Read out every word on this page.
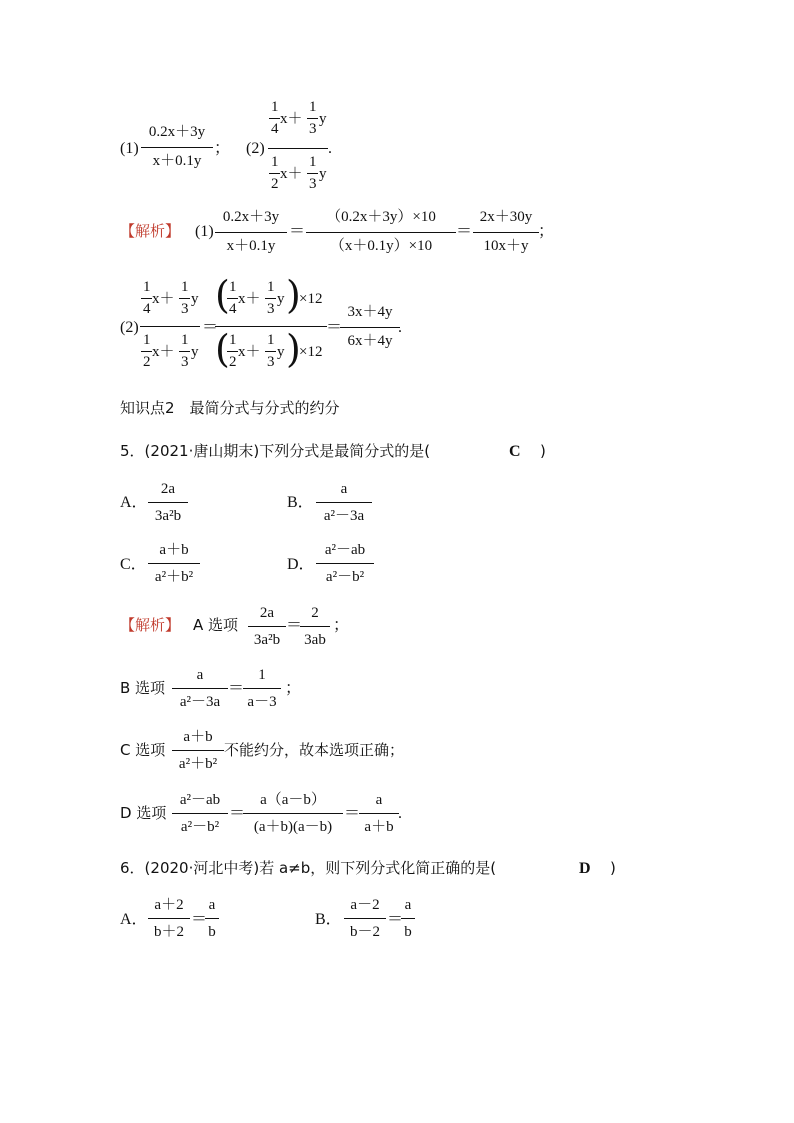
(1)
0.2x＋3y
x＋0.1y
； (2)
1
4
x＋
1
3
y
1
2
x＋
1
3
y
.
【解析】 (1)
0.2x＋3y
x＋0.1y
＝
（0.2x＋3y）×10
（x＋0.1y）×10
＝
2x＋30y
10x＋y
；
(2)
1
4
x＋
1
3
y
1
2
x＋
1
3
y
＝
( 1
4
x＋
1
3
y )
×12
( 1
2
x＋
1
3
y )
×12
＝
3x＋4y
6x＋4y
.
知识点2　最简分式与分式的约分
5．(2021·唐山期末)下列分式是最简分式的是(	C )
A．
2a
3a²b
B．
a
a²－3a
C．
a＋b
a²＋b²
D．
a²－ab
a²－b²
【解析】 A 选项
2a
3a²b
＝
2
3ab
；
B 选项
a
a²－3a
＝
1
a－3
；
C 选项
a＋b
a²＋b²
不能约分，故本选项正确；
D 选项
a²－ab
a²－b²
＝
a（a－b）
(a＋b)(a－b)
＝
a
a＋b
.
6．(2020·河北中考)若 a≠b，则下列分式化简正确的是(	D )
A．
a＋2
b＋2
＝
a
b
B．
a－2
b－2
＝
a
b
